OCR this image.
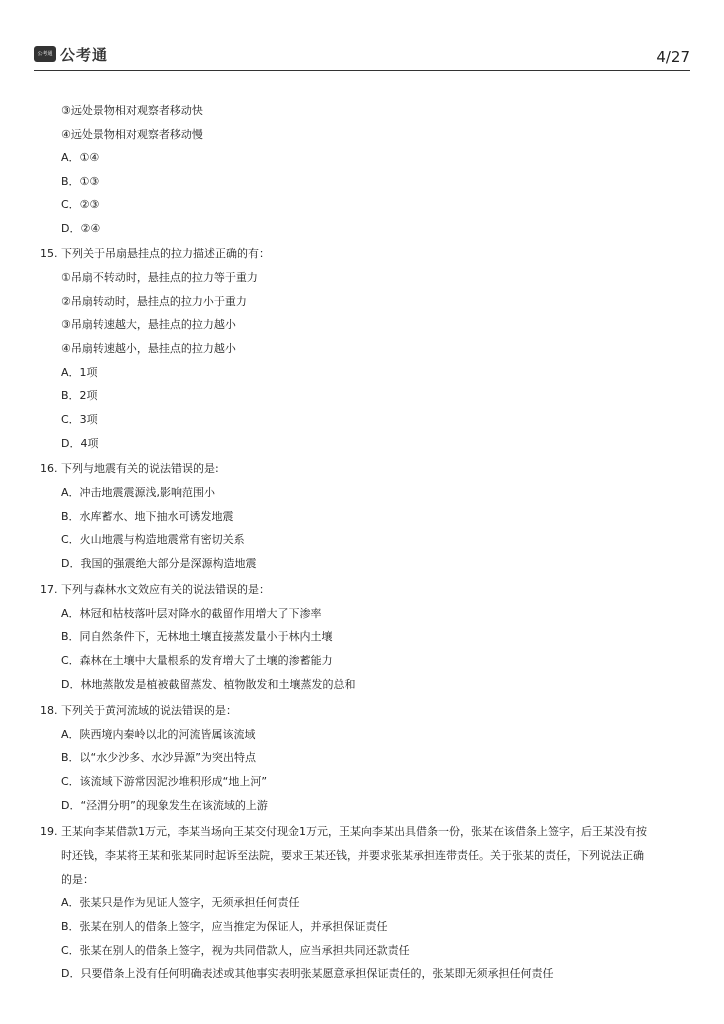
公考通 公考通	4/27
③远处景物相对观察者移动快
④远处景物相对观察者移动慢
A．①④
B．①③
C．②③
D．②④
15. 下列关于吊扇悬挂点的拉力描述正确的有：
①吊扇不转动时，悬挂点的拉力等于重力
②吊扇转动时，悬挂点的拉力小于重力
③吊扇转速越大，悬挂点的拉力越小
④吊扇转速越小，悬挂点的拉力越小
A．1项
B．2项
C．3项
D．4项
16. 下列与地震有关的说法错误的是:
A．冲击地震震源浅,影响范围小
B．水库蓄水、地下抽水可诱发地震
C．火山地震与构造地震常有密切关系
D．我国的强震绝大部分是深源构造地震
17. 下列与森林水文效应有关的说法错误的是：
A．林冠和枯枝落叶层对降水的截留作用增大了下渗率
B．同自然条件下，无林地土壤直接蒸发量小于林内土壤
C．森林在土壤中大量根系的发育增大了土壤的渗蓄能力
D．林地蒸散发是植被截留蒸发、植物散发和土壤蒸发的总和
18. 下列关于黄河流域的说法错误的是：
A．陕西境内秦岭以北的河流皆属该流域
B．以“水少沙多、水沙异源”为突出特点
C．该流域下游常因泥沙堆积形成“地上河”
D．“泾渭分明”的现象发生在该流域的上游
19. 王某向李某借款1万元，李某当场向王某交付现金1万元，王某向李某出具借条一份，张某在该借条上签字，后王某没有按
时还钱，李某将王某和张某同时起诉至法院，要求王某还钱，并要求张某承担连带责任。关于张某的责任，下列说法正确
的是：
A．张某只是作为见证人签字，无须承担任何责任
B．张某在别人的借条上签字，应当推定为保证人，并承担保证责任
C．张某在别人的借条上签字，视为共同借款人，应当承担共同还款责任
D．只要借条上没有任何明确表述或其他事实表明张某愿意承担保证责任的，张某即无须承担任何责任
